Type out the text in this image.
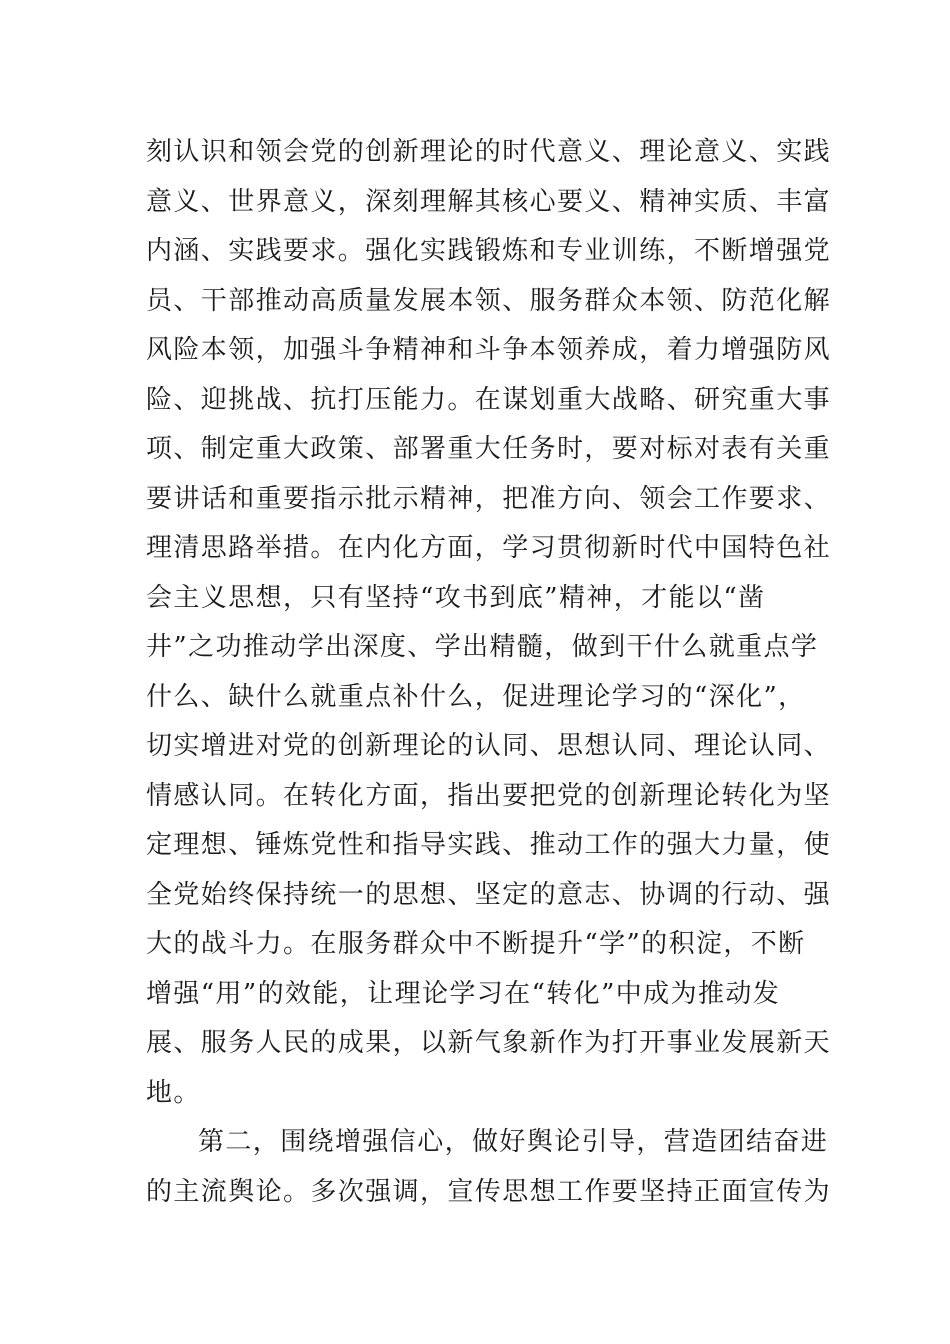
刻认识和领会党的创新理论的时代意义、理论意义、实践
意义、世界意义，深刻理解其核心要义、精神实质、丰富
内涵、实践要求。强化实践锻炼和专业训练，不断增强党
员、干部推动高质量发展本领、服务群众本领、防范化解
风险本领，加强斗争精神和斗争本领养成，着力增强防风
险、迎挑战、抗打压能力。在谋划重大战略、研究重大事
项、制定重大政策、部署重大任务时，要对标对表有关重
要讲话和重要指示批示精神，把准方向、领会工作要求、
理清思路举措。在内化方面，学习贯彻新时代中国特色社
会主义思想，只有坚持“攻书到底”精神，才能以“凿
井”之功推动学出深度、学出精髓，做到干什么就重点学
什么、缺什么就重点补什么，促进理论学习的“深化”，
切实增进对党的创新理论的认同、思想认同、理论认同、
情感认同。在转化方面，指出要把党的创新理论转化为坚
定理想、锤炼党性和指导实践、推动工作的强大力量，使
全党始终保持统一的思想、坚定的意志、协调的行动、强
大的战斗力。在服务群众中不断提升“学”的积淀，不断
增强“用”的效能，让理论学习在“转化”中成为推动发
展、服务人民的成果，以新气象新作为打开事业发展新天
地。
第二，围绕增强信心，做好舆论引导，营造团结奋进
的主流舆论。多次强调，宣传思想工作要坚持正面宣传为
